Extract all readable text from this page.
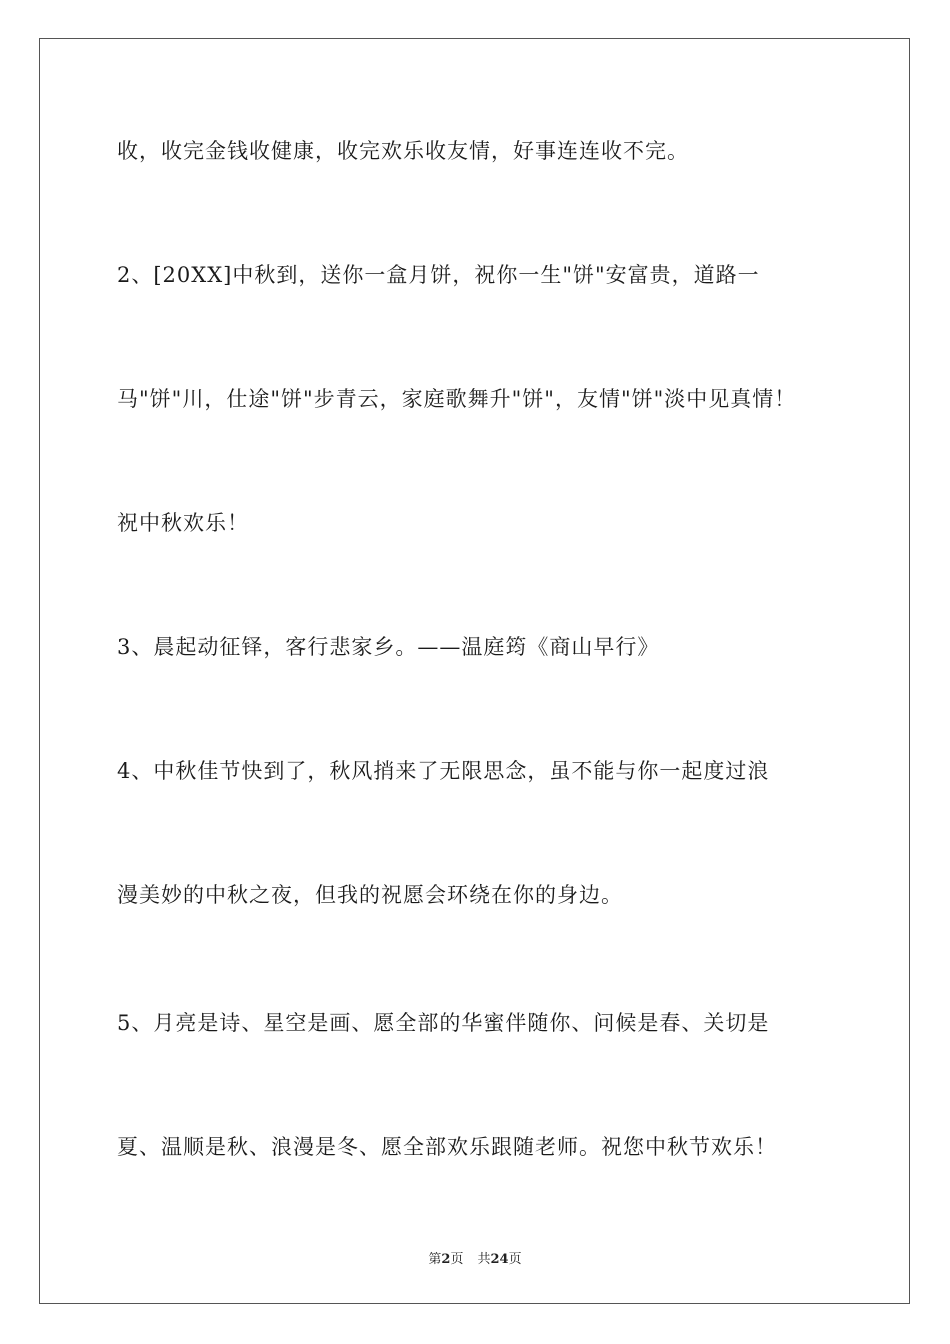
收，收完金钱收健康，收完欢乐收友情，好事连连收不完。
2、[20XX]中秋到，送你一盒月饼，祝你一生"饼"安富贵，道路一
马"饼"川，仕途"饼"步青云，家庭歌舞升"饼"，友情"饼"淡中见真情！
祝中秋欢乐！
3、晨起动征铎，客行悲家乡。——温庭筠《商山早行》
4、中秋佳节快到了，秋风捎来了无限思念，虽不能与你一起度过浪
漫美妙的中秋之夜，但我的祝愿会环绕在你的身边。
5、月亮是诗、星空是画、愿全部的华蜜伴随你、问候是春、关切是
夏、温顺是秋、浪漫是冬、愿全部欢乐跟随老师。祝您中秋节欢乐！
第2页 共24页
